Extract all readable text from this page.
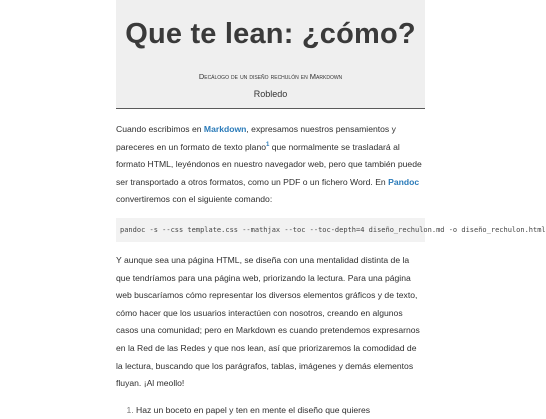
Que te lean: ¿cómo?

Decálogo de un diseño rechulón en Markdown

Robledo

Cuando escribimos en Markdown, expresamos nuestros pensamientos y pareceres en un formato de texto plano$^1$ que normalmente se trasladará al formato HTML, leyéndonos en nuestro navegador web, pero que también puede ser transportado a otros formatos, como un PDF o un fichero Word. En Pandoc convertiremos con el siguiente comando:

pandoc -s --css template.css --mathjax --toc --toc-depth=4 diseño_rechulon.md -o diseño_rechulon.html

Y aunque sea una página HTML, se diseña con una mentalidad distinta de la que tendríamos para una página web, priorizando la lectura. Para una página web buscaríamos cómo representar los diversos elementos gráficos y de texto, cómo hacer que los usuarios interactúen con nosotros, creando en algunos casos una comunidad; pero en Markdown es cuando pretendemos expresarnos en la Red de las Redes y que nos lean, así que priorizaremos la comodidad de la lectura, buscando que los parágrafos, tablas, imágenes y demás elementos fluyan. ¡Al meollo!

1. Haz un boceto en papel y ten en mente el diseño que quieres
